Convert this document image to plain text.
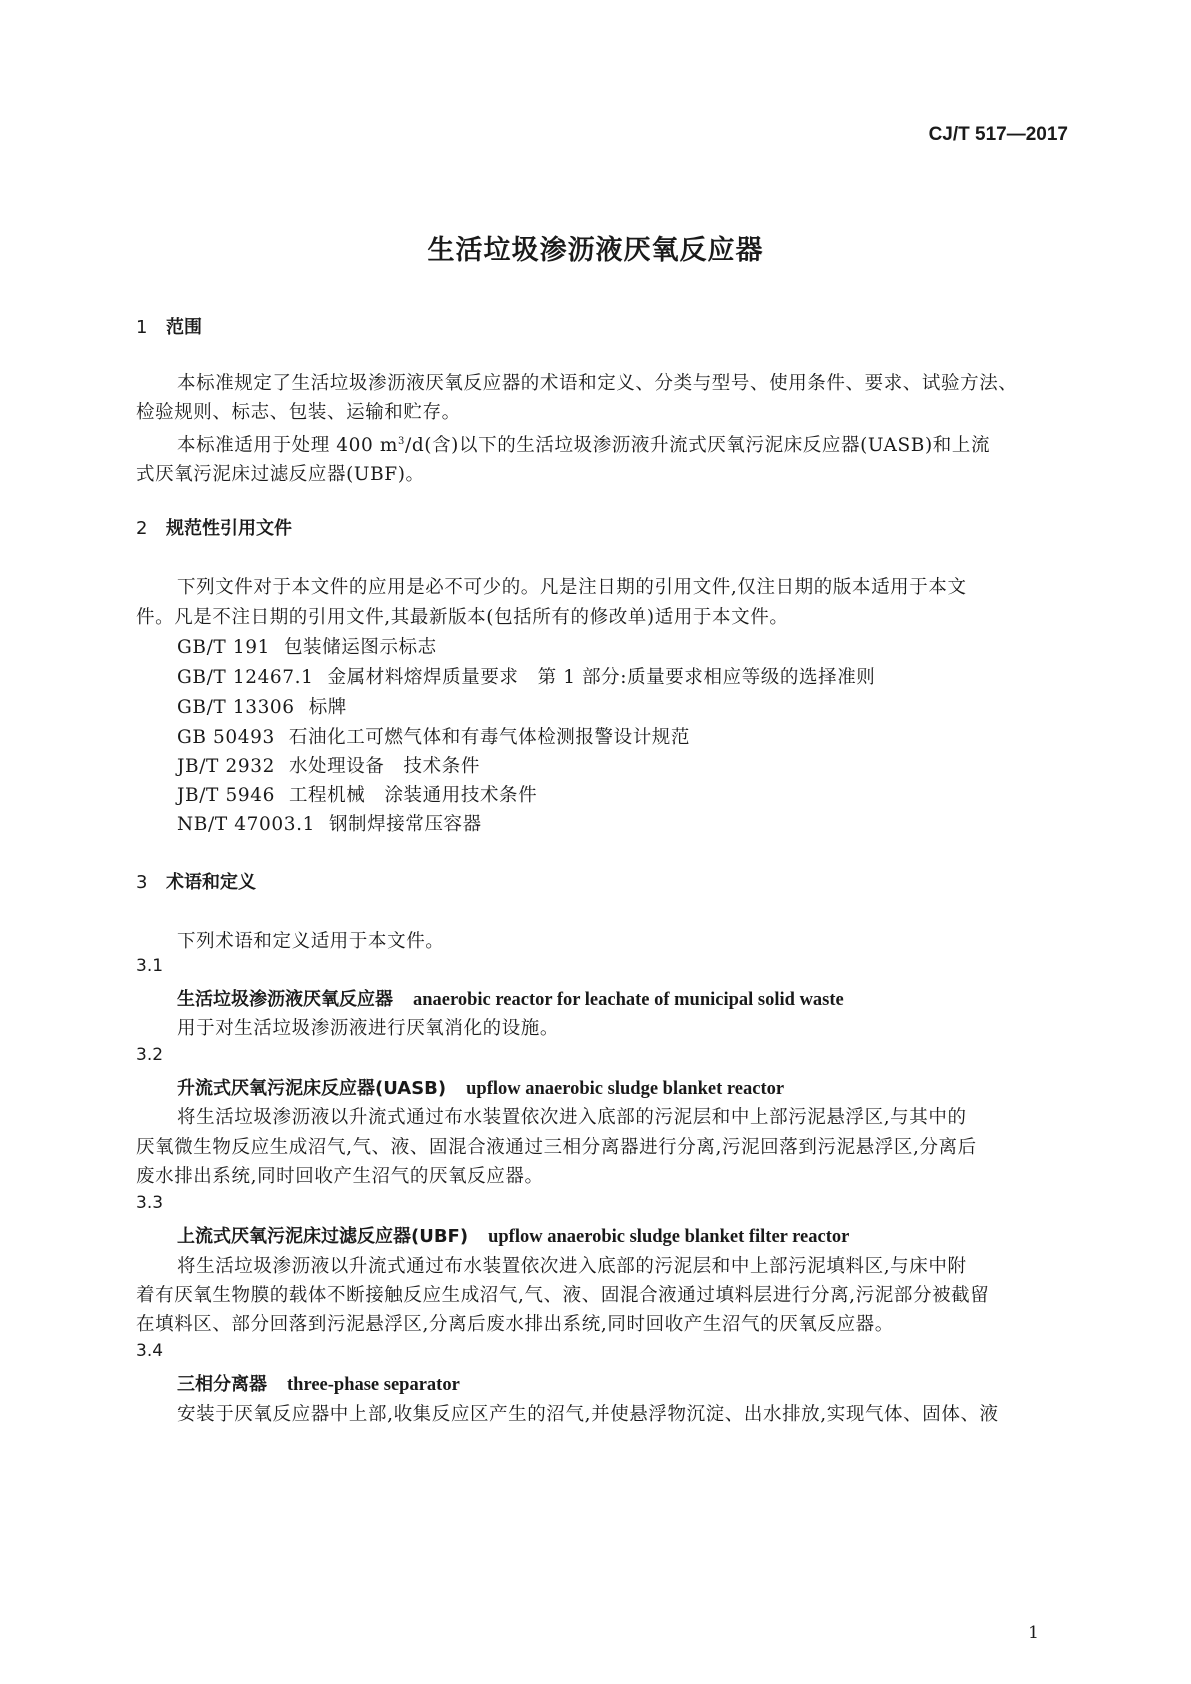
CJ/T 517—2017
生活垃圾渗沥液厌氧反应器
1 范围
本标准规定了生活垃圾渗沥液厌氧反应器的术语和定义、分类与型号、使用条件、要求、试验方法、
检验规则、标志、包装、运输和贮存。
本标准适用于处理 400 $m^3/d$(含)以下的生活垃圾渗沥液升流式厌氧污泥床反应器(UASB)和上流
式厌氧污泥床过滤反应器(UBF)。
2 规范性引用文件
下列文件对于本文件的应用是必不可少的。凡是注日期的引用文件,仅注日期的版本适用于本文
件。凡是不注日期的引用文件,其最新版本(包括所有的修改单)适用于本文件。
GB/T 191 包装储运图示标志
GB/T 12467.1 金属材料熔焊质量要求　第 1 部分:质量要求相应等级的选择准则
GB/T 13306 标牌
GB 50493 石油化工可燃气体和有毒气体检测报警设计规范
JB/T 2932 水处理设备　技术条件
JB/T 5946 工程机械　涂装通用技术条件
NB/T 47003.1 钢制焊接常压容器
3 术语和定义
下列术语和定义适用于本文件。
3.1
生活垃圾渗沥液厌氧反应器 anaerobic reactor for leachate of municipal solid waste
用于对生活垃圾渗沥液进行厌氧消化的设施。
3.2
升流式厌氧污泥床反应器(UASB) upflow anaerobic sludge blanket reactor
将生活垃圾渗沥液以升流式通过布水装置依次进入底部的污泥层和中上部污泥悬浮区,与其中的
厌氧微生物反应生成沼气,气、液、固混合液通过三相分离器进行分离,污泥回落到污泥悬浮区,分离后
废水排出系统,同时回收产生沼气的厌氧反应器。
3.3
上流式厌氧污泥床过滤反应器(UBF) upflow anaerobic sludge blanket filter reactor
将生活垃圾渗沥液以升流式通过布水装置依次进入底部的污泥层和中上部污泥填料区,与床中附
着有厌氧生物膜的载体不断接触反应生成沼气,气、液、固混合液通过填料层进行分离,污泥部分被截留
在填料区、部分回落到污泥悬浮区,分离后废水排出系统,同时回收产生沼气的厌氧反应器。
3.4
三相分离器 three-phase separator
安装于厌氧反应器中上部,收集反应区产生的沼气,并使悬浮物沉淀、出水排放,实现气体、固体、液
1
